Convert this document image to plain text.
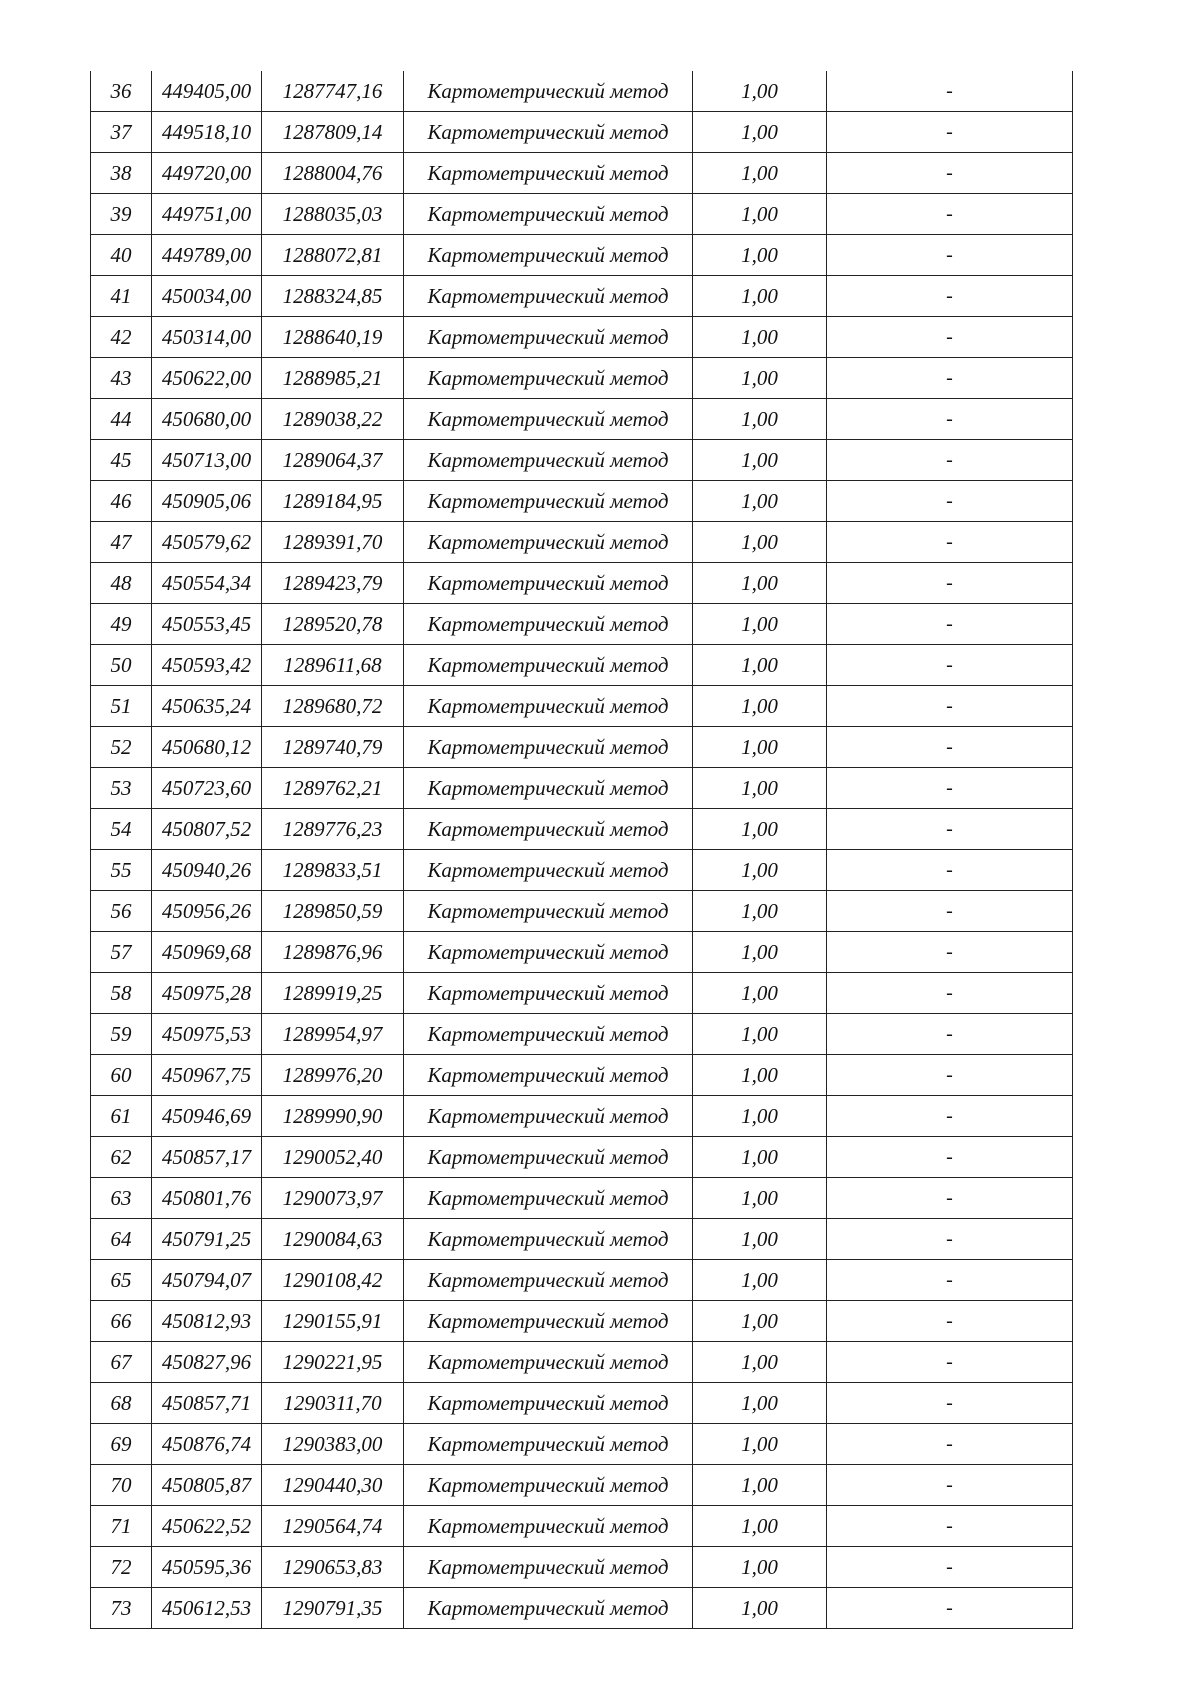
36	449405,00	1287747,16	Картометрический метод	1,00	-
37	449518,10	1287809,14	Картометрический метод	1,00	-
38	449720,00	1288004,76	Картометрический метод	1,00	-
39	449751,00	1288035,03	Картометрический метод	1,00	-
40	449789,00	1288072,81	Картометрический метод	1,00	-
41	450034,00	1288324,85	Картометрический метод	1,00	-
42	450314,00	1288640,19	Картометрический метод	1,00	-
43	450622,00	1288985,21	Картометрический метод	1,00	-
44	450680,00	1289038,22	Картометрический метод	1,00	-
45	450713,00	1289064,37	Картометрический метод	1,00	-
46	450905,06	1289184,95	Картометрический метод	1,00	-
47	450579,62	1289391,70	Картометрический метод	1,00	-
48	450554,34	1289423,79	Картометрический метод	1,00	-
49	450553,45	1289520,78	Картометрический метод	1,00	-
50	450593,42	1289611,68	Картометрический метод	1,00	-
51	450635,24	1289680,72	Картометрический метод	1,00	-
52	450680,12	1289740,79	Картометрический метод	1,00	-
53	450723,60	1289762,21	Картометрический метод	1,00	-
54	450807,52	1289776,23	Картометрический метод	1,00	-
55	450940,26	1289833,51	Картометрический метод	1,00	-
56	450956,26	1289850,59	Картометрический метод	1,00	-
57	450969,68	1289876,96	Картометрический метод	1,00	-
58	450975,28	1289919,25	Картометрический метод	1,00	-
59	450975,53	1289954,97	Картометрический метод	1,00	-
60	450967,75	1289976,20	Картометрический метод	1,00	-
61	450946,69	1289990,90	Картометрический метод	1,00	-
62	450857,17	1290052,40	Картометрический метод	1,00	-
63	450801,76	1290073,97	Картометрический метод	1,00	-
64	450791,25	1290084,63	Картометрический метод	1,00	-
65	450794,07	1290108,42	Картометрический метод	1,00	-
66	450812,93	1290155,91	Картометрический метод	1,00	-
67	450827,96	1290221,95	Картометрический метод	1,00	-
68	450857,71	1290311,70	Картометрический метод	1,00	-
69	450876,74	1290383,00	Картометрический метод	1,00	-
70	450805,87	1290440,30	Картометрический метод	1,00	-
71	450622,52	1290564,74	Картометрический метод	1,00	-
72	450595,36	1290653,83	Картометрический метод	1,00	-
73	450612,53	1290791,35	Картометрический метод	1,00	-
